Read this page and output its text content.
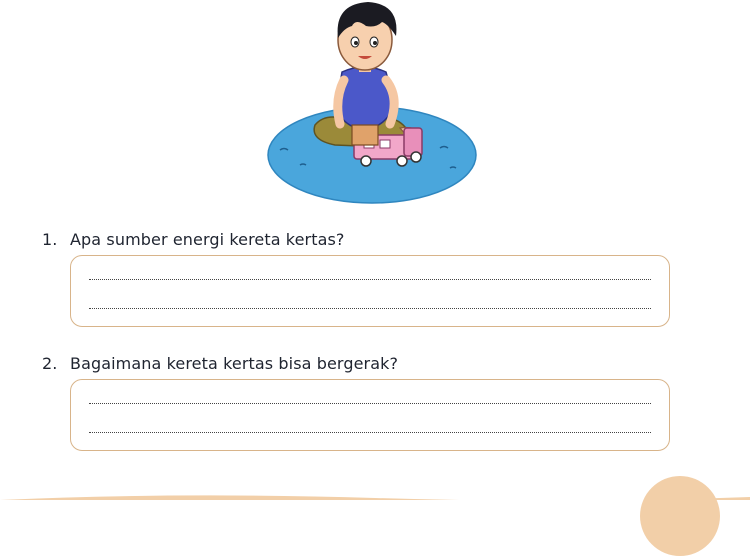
1. Apa sumber energi kereta kertas?
2. Bagaimana kereta kertas bisa bergerak?
